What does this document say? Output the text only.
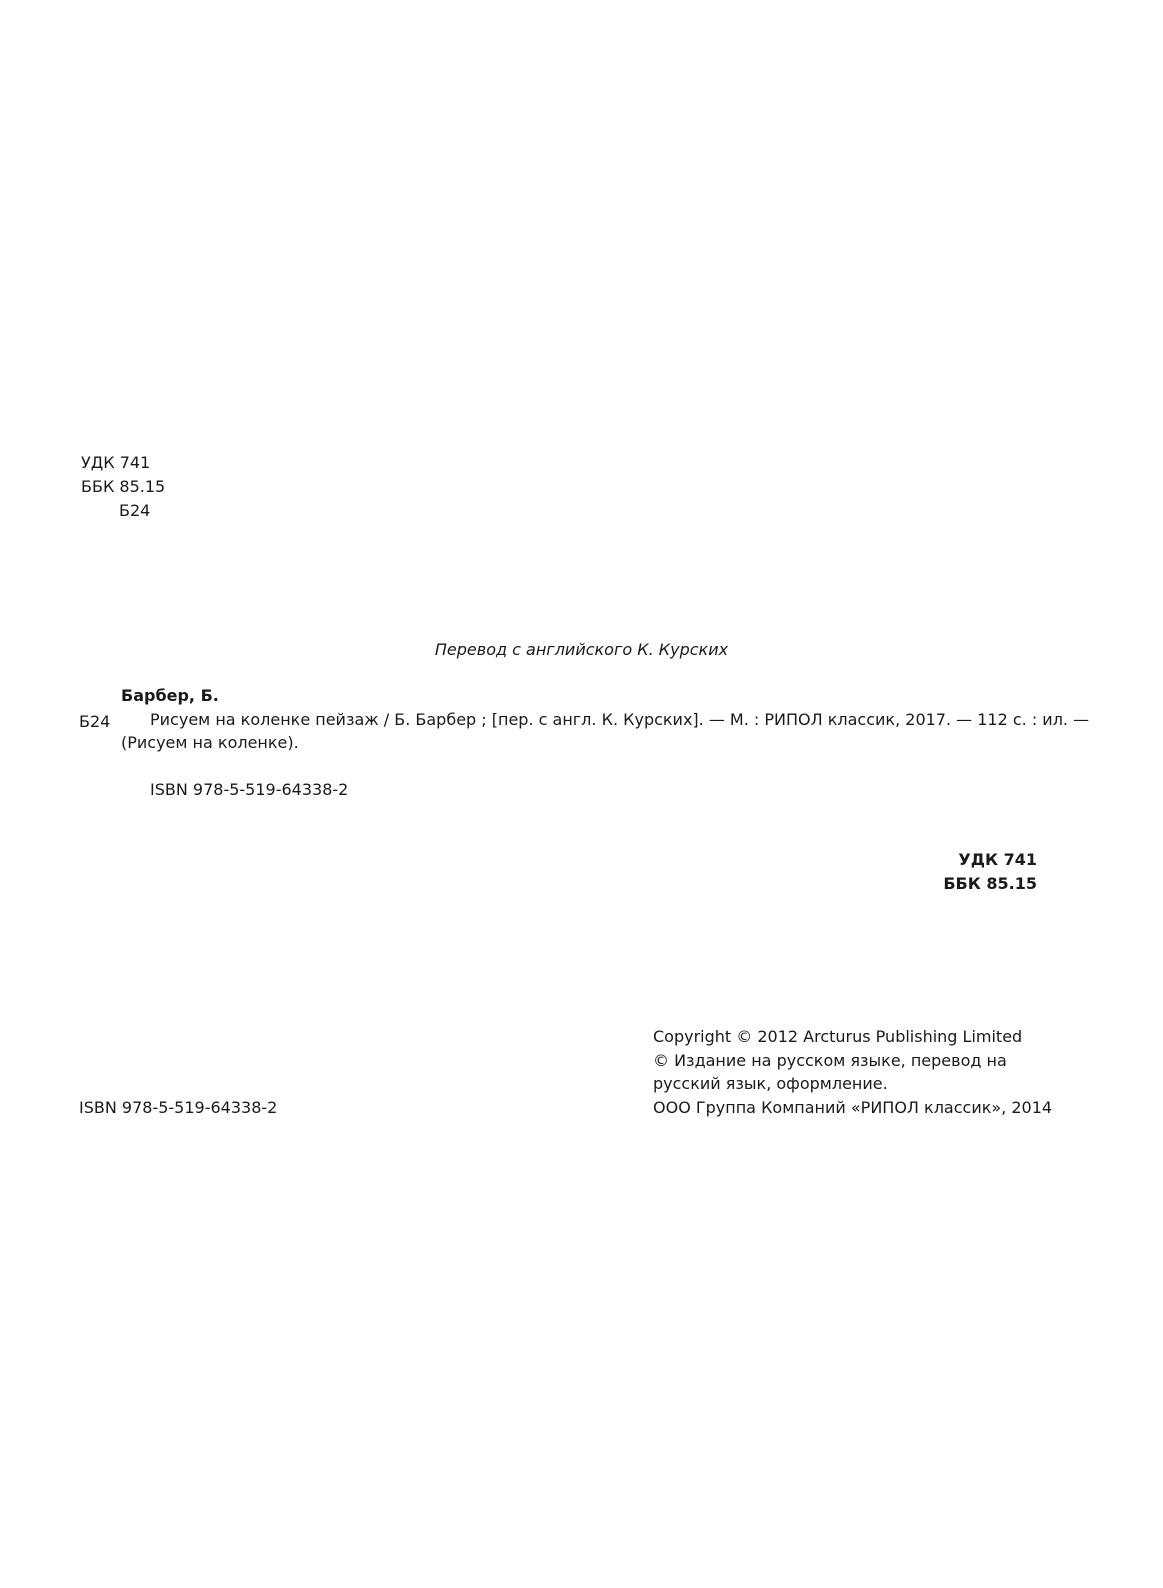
УДК 741
ББК 85.15
Б24
Перевод с английского К. Курских
Барбер, Б.
Б24 Рисуем на коленке пейзаж / Б. Барбер ; [пер. с англ. К. Курских]. — М. : РИПОЛ классик, 2017. — 112 с. : ил. —
(Рисуем на коленке).
ISBN 978-5-519-64338-2
УДК 741
ББК 85.15
Copyright © 2012 Arcturus Publishing Limited
© Издание на русском языке, перевод на
русский язык, оформление.
ООО Группа Компаний «РИПОЛ классик», 2014
ISBN 978-5-519-64338-2
